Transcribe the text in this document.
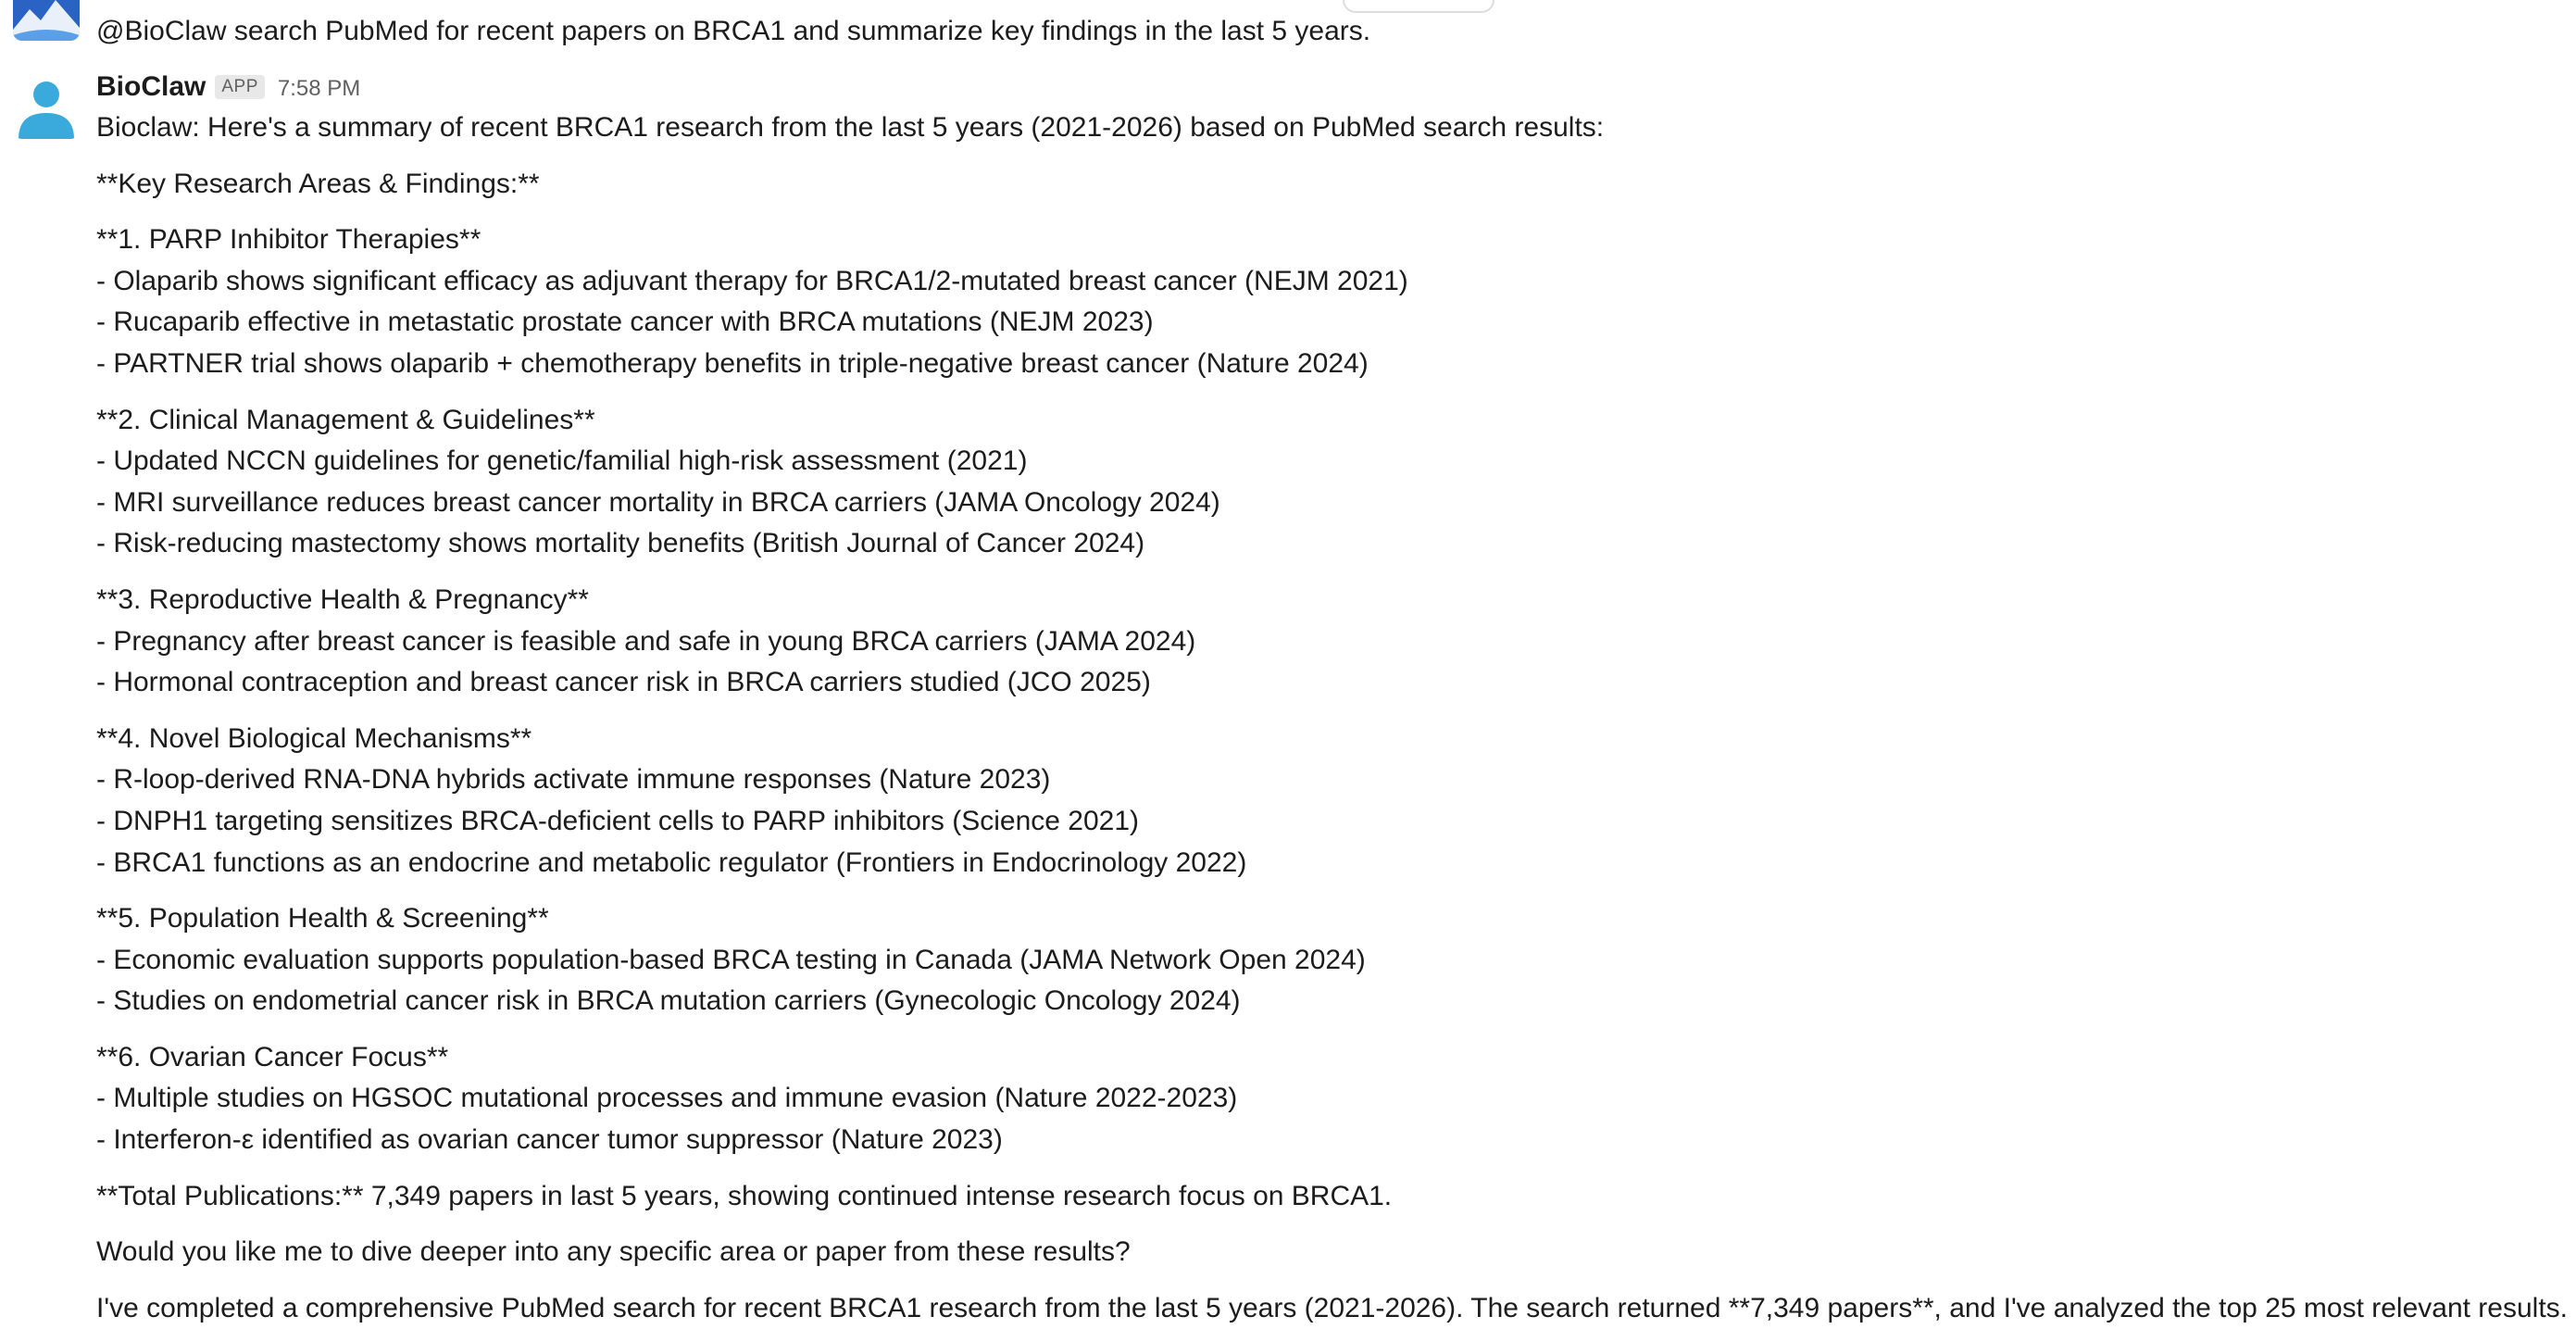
@BioClaw search PubMed for recent papers on BRCA1 and summarize key findings in the last 5 years.
BioClaw APP 7:58 PM
Bioclaw: Here's a summary of recent BRCA1 research from the last 5 years (2021-2026) based on PubMed search results:
**Key Research Areas & Findings:**
**1. PARP Inhibitor Therapies**
- Olaparib shows significant efficacy as adjuvant therapy for BRCA1/2-mutated breast cancer (NEJM 2021)
- Rucaparib effective in metastatic prostate cancer with BRCA mutations (NEJM 2023)
- PARTNER trial shows olaparib + chemotherapy benefits in triple-negative breast cancer (Nature 2024)
**2. Clinical Management & Guidelines**
- Updated NCCN guidelines for genetic/familial high-risk assessment (2021)
- MRI surveillance reduces breast cancer mortality in BRCA carriers (JAMA Oncology 2024)
- Risk-reducing mastectomy shows mortality benefits (British Journal of Cancer 2024)
**3. Reproductive Health & Pregnancy**
- Pregnancy after breast cancer is feasible and safe in young BRCA carriers (JAMA 2024)
- Hormonal contraception and breast cancer risk in BRCA carriers studied (JCO 2025)
**4. Novel Biological Mechanisms**
- R-loop-derived RNA-DNA hybrids activate immune responses (Nature 2023)
- DNPH1 targeting sensitizes BRCA-deficient cells to PARP inhibitors (Science 2021)
- BRCA1 functions as an endocrine and metabolic regulator (Frontiers in Endocrinology 2022)
**5. Population Health & Screening**
- Economic evaluation supports population-based BRCA testing in Canada (JAMA Network Open 2024)
- Studies on endometrial cancer risk in BRCA mutation carriers (Gynecologic Oncology 2024)
**6. Ovarian Cancer Focus**
- Multiple studies on HGSOC mutational processes and immune evasion (Nature 2022-2023)
- Interferon-ε identified as ovarian cancer tumor suppressor (Nature 2023)
**Total Publications:** 7,349 papers in last 5 years, showing continued intense research focus on BRCA1.
Would you like me to dive deeper into any specific area or paper from these results?
I've completed a comprehensive PubMed search for recent BRCA1 research from the last 5 years (2021-2026). The search returned **7,349 papers**, and I've analyzed the top 25 most relevant results.
